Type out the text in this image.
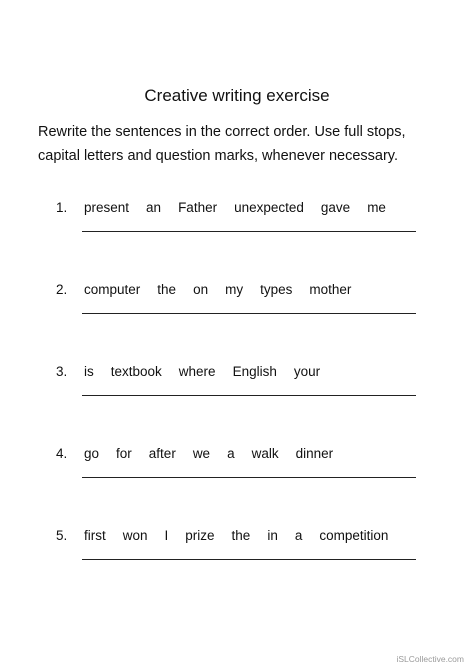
Creative writing exercise
Rewrite the sentences in the correct order. Use full stops,
capital letters and question marks, whenever necessary.
1. present an Father unexpected gave me
2. computer the on my types mother
3. is textbook where English your
4. go for after we a walk dinner
5. first won I prize the in a competition
iSLCollective.com
